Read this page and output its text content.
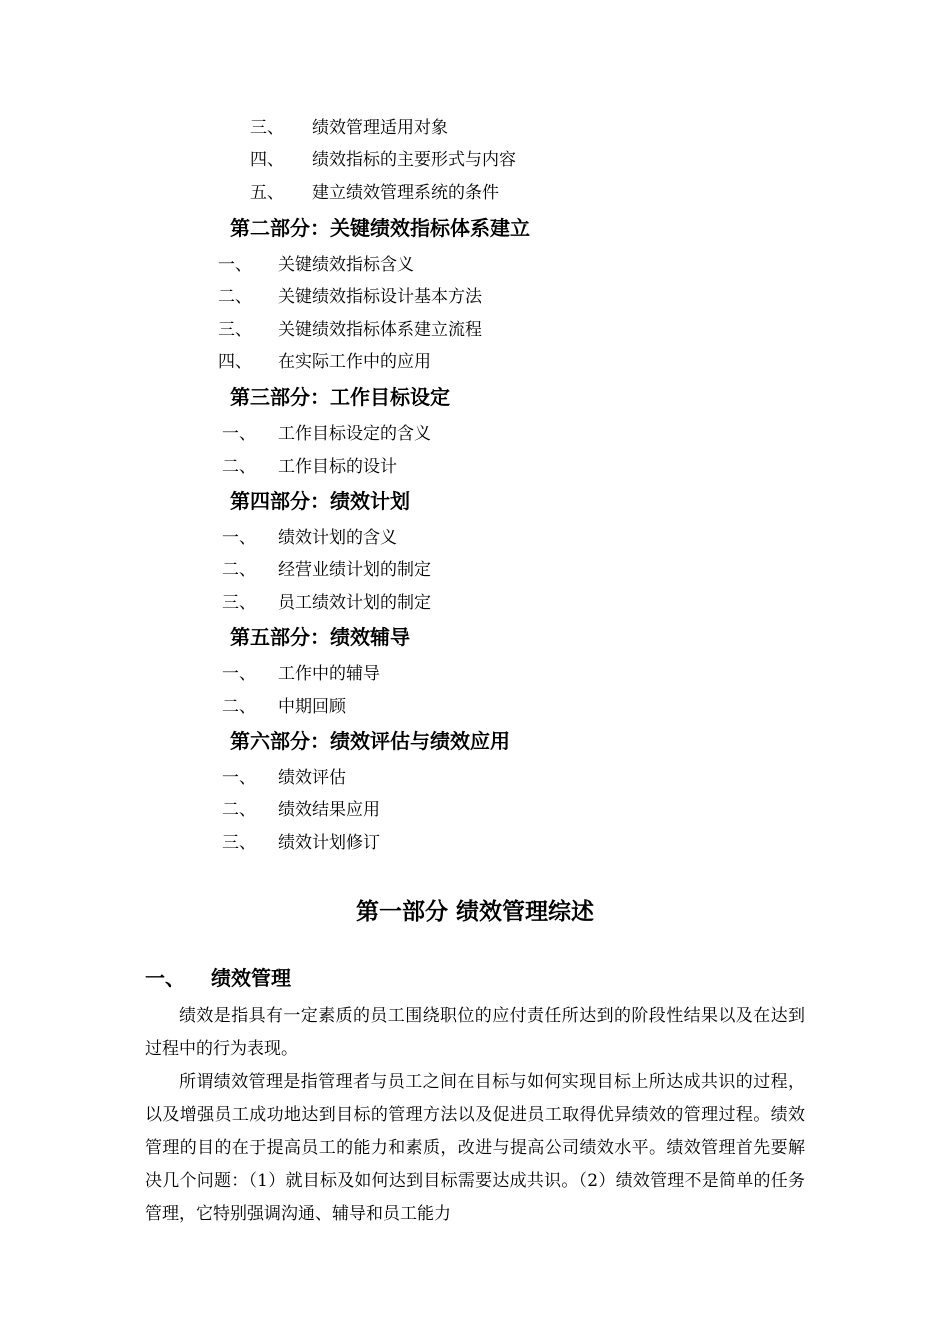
三、 绩效管理适用对象
四、 绩效指标的主要形式与内容
五、 建立绩效管理系统的条件
第二部分：关键绩效指标体系建立
一、 关键绩效指标含义
二、 关键绩效指标设计基本方法
三、 关键绩效指标体系建立流程
四、 在实际工作中的应用
第三部分：工作目标设定
一、 工作目标设定的含义
二、 工作目标的设计
第四部分：绩效计划
一、 绩效计划的含义
二、 经营业绩计划的制定
三、 员工绩效计划的制定
第五部分：绩效辅导
一、 工作中的辅导
二、 中期回顾
第六部分：绩效评估与绩效应用
一、 绩效评估
二、 绩效结果应用
三、 绩效计划修订
第一部分 绩效管理综述
一、 绩效管理

绩效是指具有一定素质的员工围绕职位的应付责任所达到的阶段性结果以及在达到过程中的行为表现。

所谓绩效管理是指管理者与员工之间在目标与如何实现目标上所达成共识的过程，以及增强员工成功地达到目标的管理方法以及促进员工取得优异绩效的管理过程。绩效管理的目的在于提高员工的能力和素质，改进与提高公司绩效水平。绩效管理首先要解决几个问题：（1）就目标及如何达到目标需要达成共识。（2）绩效管理不是简单的任务管理，它特别强调沟通、辅导和员工能力
